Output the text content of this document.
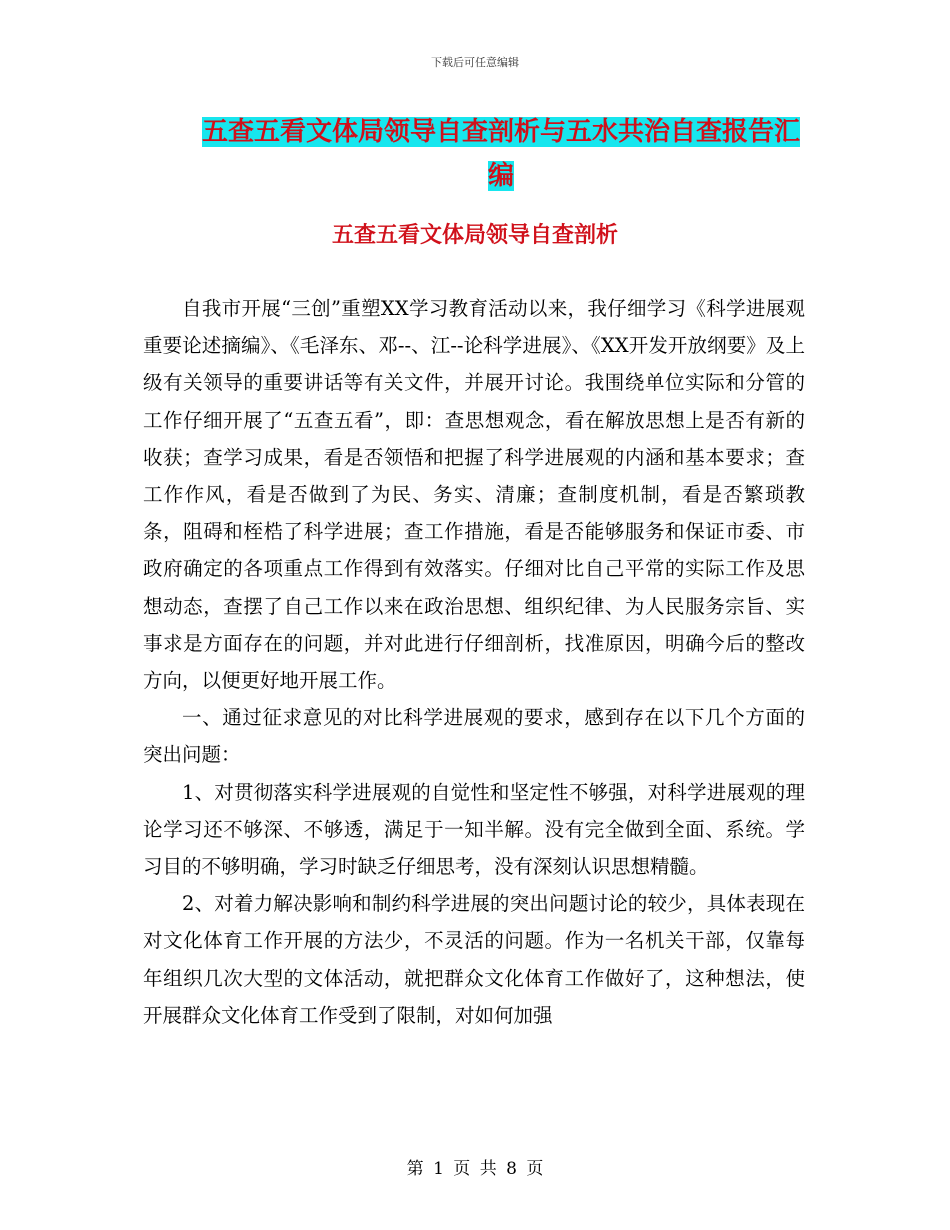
下载后可任意编辑
五查五看文体局领导自查剖析与五水共治自查报告汇
编
五查五看文体局领导自查剖析

自我市开展“三创”重塑XX学习教育活动以来，我仔细学习《科学进展观重要论述摘编》、《毛泽东、邓--、江--论科学进展》、《XX开发开放纲要》及上级有关领导的重要讲话等有关文件，并展开讨论。我围绕单位实际和分管的工作仔细开展了“五查五看”，即：查思想观念，看在解放思想上是否有新的收获；查学习成果，看是否领悟和把握了科学进展观的内涵和基本要求；查工作作风，看是否做到了为民、务实、清廉；查制度机制，看是否繁琐教条，阻碍和桎梏了科学进展；查工作措施，看是否能够服务和保证市委、市政府确定的各项重点工作得到有效落实。仔细对比自己平常的实际工作及思想动态，查摆了自己工作以来在政治思想、组织纪律、为人民服务宗旨、实事求是方面存在的问题，并对此进行仔细剖析，找准原因，明确今后的整改方向，以便更好地开展工作。

一、通过征求意见的对比科学进展观的要求，感到存在以下几个方面的突出问题：

1、对贯彻落实科学进展观的自觉性和坚定性不够强，对科学进展观的理论学习还不够深、不够透，满足于一知半解。没有完全做到全面、系统。学习目的不够明确，学习时缺乏仔细思考，没有深刻认识思想精髓。

2、对着力解决影响和制约科学进展的突出问题讨论的较少，具体表现在对文化体育工作开展的方法少，不灵活的问题。作为一名机关干部，仅靠每年组织几次大型的文体活动，就把群众文化体育工作做好了，这种想法，使开展群众文化体育工作受到了限制，对如何加强

第 1 页 共 8 页
